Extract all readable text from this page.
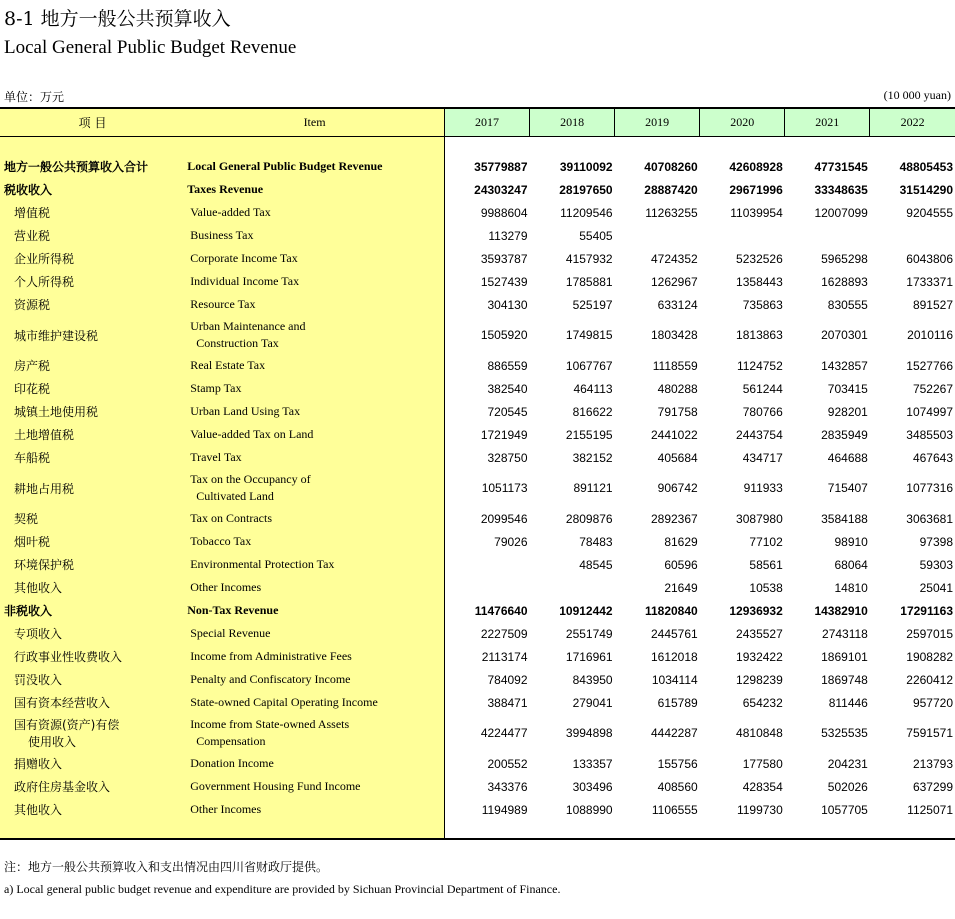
8-1 地方一般公共预算收入
Local General Public Budget Revenue
单位：万元	(10 000 yuan)
项 目	Item	2017	2018	2019	2020	2021	2022

地方一般公共预算收入合计	Local General Public Budget Revenue	35779887	39110092	40708260	42608928	47731545	48805453
税收收入	Taxes Revenue	24303247	28197650	28887420	29671996	33348635	31514290
增值税	Value-added Tax	9988604	11209546	11263255	11039954	12007099	9204555
营业税	Business Tax	113279	55405				
企业所得税	Corporate Income Tax	3593787	4157932	4724352	5232526	5965298	6043806
个人所得税	Individual Income Tax	1527439	1785881	1262967	1358443	1628893	1733371
资源税	Resource Tax	304130	525197	633124	735863	830555	891527
城市维护建设税	Urban Maintenance and
Construction Tax	1505920	1749815	1803428	1813863	2070301	2010116
房产税	Real Estate Tax	886559	1067767	1118559	1124752	1432857	1527766
印花税	Stamp Tax	382540	464113	480288	561244	703415	752267
城镇土地使用税	Urban Land Using Tax	720545	816622	791758	780766	928201	1074997
土地增值税	Value-added Tax on Land	1721949	2155195	2441022	2443754	2835949	3485503
车船税	Travel Tax	328750	382152	405684	434717	464688	467643
耕地占用税	Tax on the Occupancy of
Cultivated Land	1051173	891121	906742	911933	715407	1077316
契税	Tax on Contracts	2099546	2809876	2892367	3087980	3584188	3063681
烟叶税	Tobacco Tax	79026	78483	81629	77102	98910	97398
环境保护税	Environmental Protection Tax		48545	60596	58561	68064	59303
其他收入	Other Incomes			21649	10538	14810	25041
非税收入	Non-Tax Revenue	11476640	10912442	11820840	12936932	14382910	17291163
专项收入	Special Revenue	2227509	2551749	2445761	2435527	2743118	2597015
行政事业性收费收入	Income from Administrative Fees	2113174	1716961	1612018	1932422	1869101	1908282
罚没收入	Penalty and Confiscatory Income	784092	843950	1034114	1298239	1869748	2260412
国有资本经营收入	State-owned Capital Operating Income	388471	279041	615789	654232	811446	957720
国有资源(资产)有偿
使用收入	Income from State-owned Assets
Compensation	4224477	3994898	4442287	4810848	5325535	7591571
捐赠收入	Donation Income	200552	133357	155756	177580	204231	213793
政府住房基金收入	Government Housing Fund Income	343376	303496	408560	428354	502026	637299
其他收入	Other Incomes	1194989	1088990	1106555	1199730	1057705	1125071

注：地方一般公共预算收入和支出情况由四川省财政厅提供。
a) Local general public budget revenue and expenditure are provided by Sichuan Provincial Department of Finance.
